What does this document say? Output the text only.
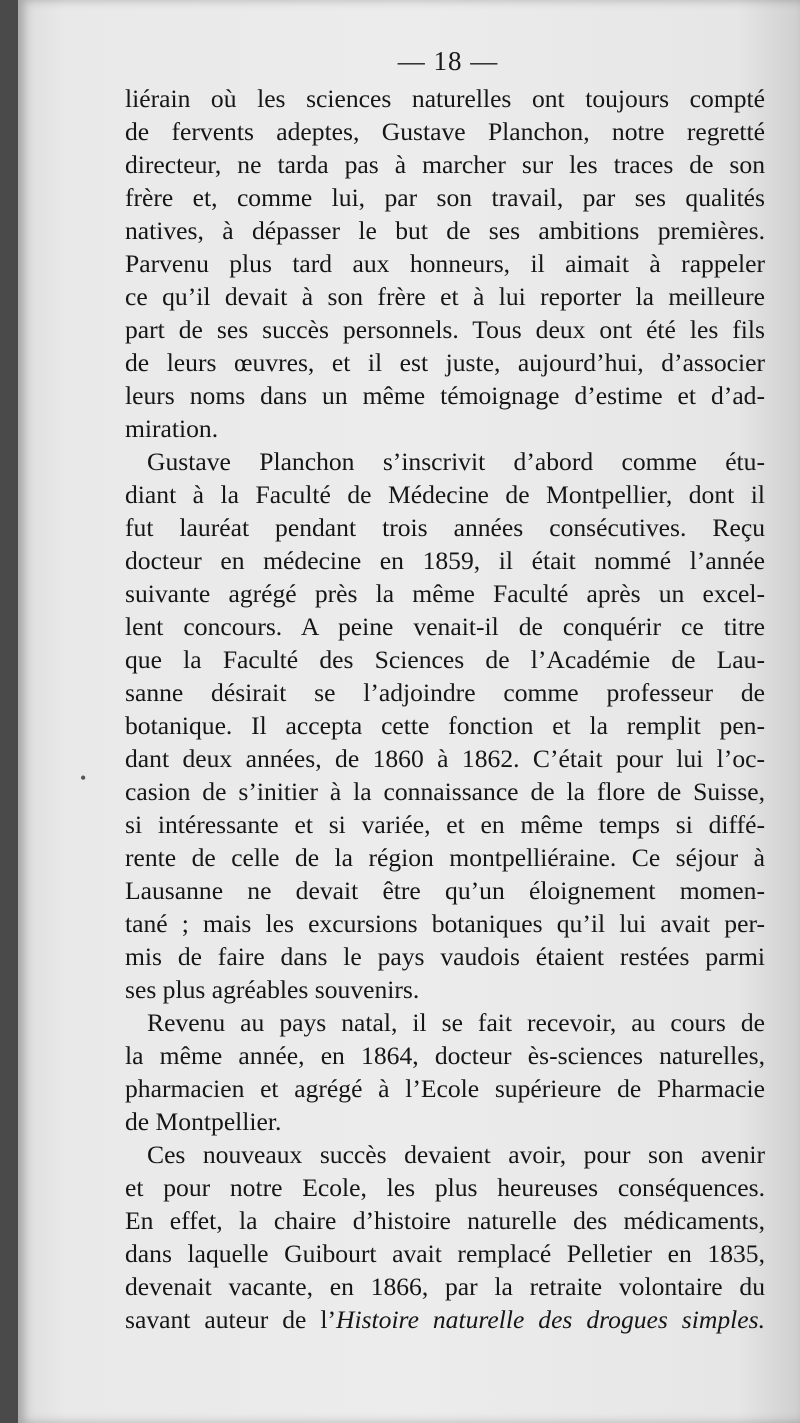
— 18 —
•
liérain où les sciences naturelles ont toujours compté
de fervents adeptes, Gustave Planchon, notre regretté
directeur, ne tarda pas à marcher sur les traces de son
frère et, comme lui, par son travail, par ses qualités
natives, à dépasser le but de ses ambitions premières.
Parvenu plus tard aux honneurs, il aimait à rappeler
ce qu’il devait à son frère et à lui reporter la meilleure
part de ses succès personnels. Tous deux ont été les fils
de leurs œuvres, et il est juste, aujourd’hui, d’associer
leurs noms dans un même témoignage d’estime et d’ad-
miration.
Gustave Planchon s’inscrivit d’abord comme étu-
diant à la Faculté de Médecine de Montpellier, dont il
fut lauréat pendant trois années consécutives. Reçu
docteur en médecine en 1859, il était nommé l’année
suivante agrégé près la même Faculté après un excel-
lent concours. A peine venait-il de conquérir ce titre
que la Faculté des Sciences de l’Académie de Lau-
sanne désirait se l’adjoindre comme professeur de
botanique. Il accepta cette fonction et la remplit pen-
dant deux années, de 1860 à 1862. C’était pour lui l’oc-
casion de s’initier à la connaissance de la flore de Suisse,
si intéressante et si variée, et en même temps si diffé-
rente de celle de la région montpelliéraine. Ce séjour à
Lausanne ne devait être qu’un éloignement momen-
tané ; mais les excursions botaniques qu’il lui avait per-
mis de faire dans le pays vaudois étaient restées parmi
ses plus agréables souvenirs.
Revenu au pays natal, il se fait recevoir, au cours de
la même année, en 1864, docteur ès-sciences naturelles,
pharmacien et agrégé à l’Ecole supérieure de Pharmacie
de Montpellier.
Ces nouveaux succès devaient avoir, pour son avenir
et pour notre Ecole, les plus heureuses conséquences.
En effet, la chaire d’histoire naturelle des médicaments,
dans laquelle Guibourt avait remplacé Pelletier en 1835,
devenait vacante, en 1866, par la retraite volontaire du
savant auteur de l’Histoire naturelle des drogues simples.
